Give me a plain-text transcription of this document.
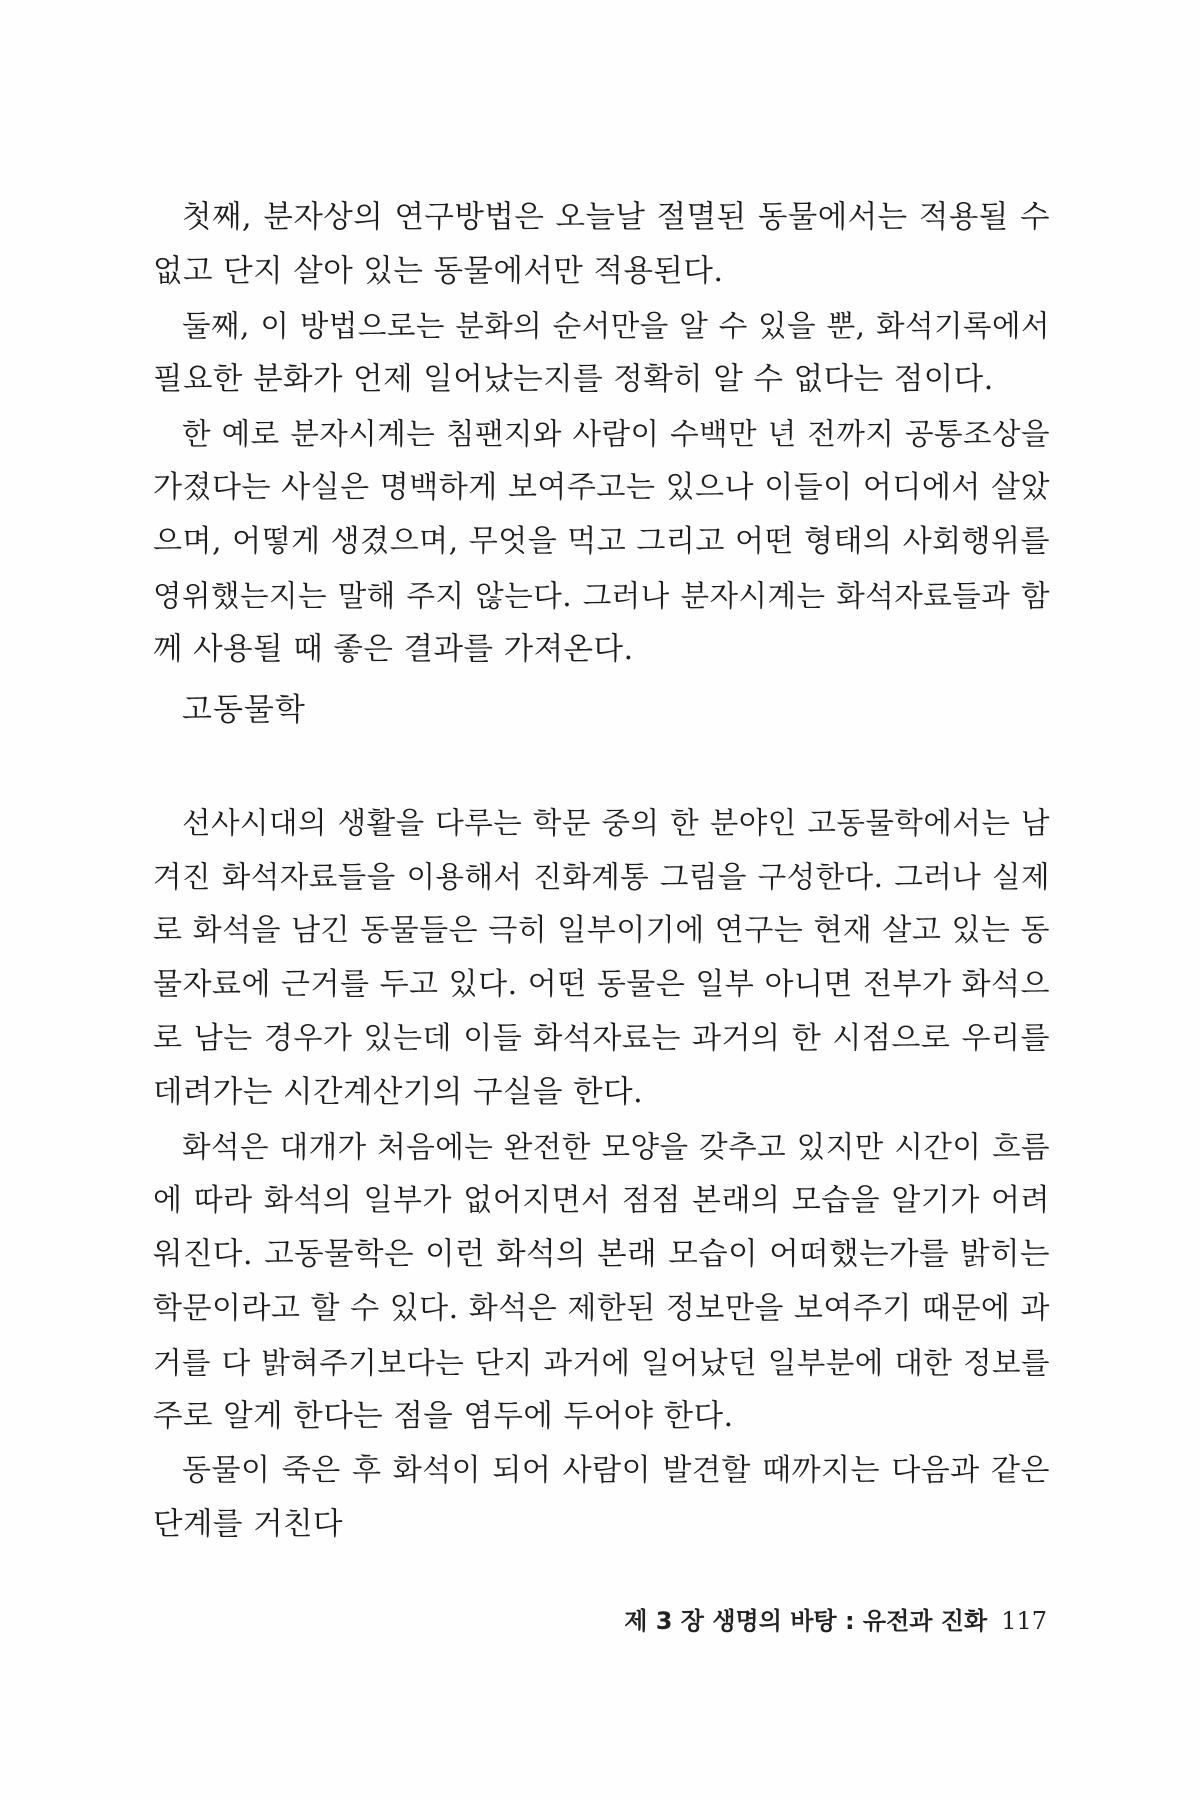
첫째, 분자상의 연구방법은 오늘날 절멸된 동물에서는 적용될 수
없고 단지 살아 있는 동물에서만 적용된다.
둘째, 이 방법으로는 분화의 순서만을 알 수 있을 뿐, 화석기록에서
필요한 분화가 언제 일어났는지를 정확히 알 수 없다는 점이다.
한 예로 분자시계는 침팬지와 사람이 수백만 년 전까지 공통조상을
가졌다는 사실은 명백하게 보여주고는 있으나 이들이 어디에서 살았
으며, 어떻게 생겼으며, 무엇을 먹고 그리고 어떤 형태의 사회행위를
영위했는지는 말해 주지 않는다. 그러나 분자시계는 화석자료들과 함
께 사용될 때 좋은 결과를 가져온다.
고동물학
선사시대의 생활을 다루는 학문 중의 한 분야인 고동물학에서는 남
겨진 화석자료들을 이용해서 진화계통 그림을 구성한다. 그러나 실제
로 화석을 남긴 동물들은 극히 일부이기에 연구는 현재 살고 있는 동
물자료에 근거를 두고 있다. 어떤 동물은 일부 아니면 전부가 화석으
로 남는 경우가 있는데 이들 화석자료는 과거의 한 시점으로 우리를
데려가는 시간계산기의 구실을 한다.
화석은 대개가 처음에는 완전한 모양을 갖추고 있지만 시간이 흐름
에 따라 화석의 일부가 없어지면서 점점 본래의 모습을 알기가 어려
워진다. 고동물학은 이런 화석의 본래 모습이 어떠했는가를 밝히는
학문이라고 할 수 있다. 화석은 제한된 정보만을 보여주기 때문에 과
거를 다 밝혀주기보다는 단지 과거에 일어났던 일부분에 대한 정보를
주로 알게 한다는 점을 염두에 두어야 한다.
동물이 죽은 후 화석이 되어 사람이 발견할 때까지는 다음과 같은
단계를 거친다
제 3 장 생명의 바탕 : 유전과 진화 117
